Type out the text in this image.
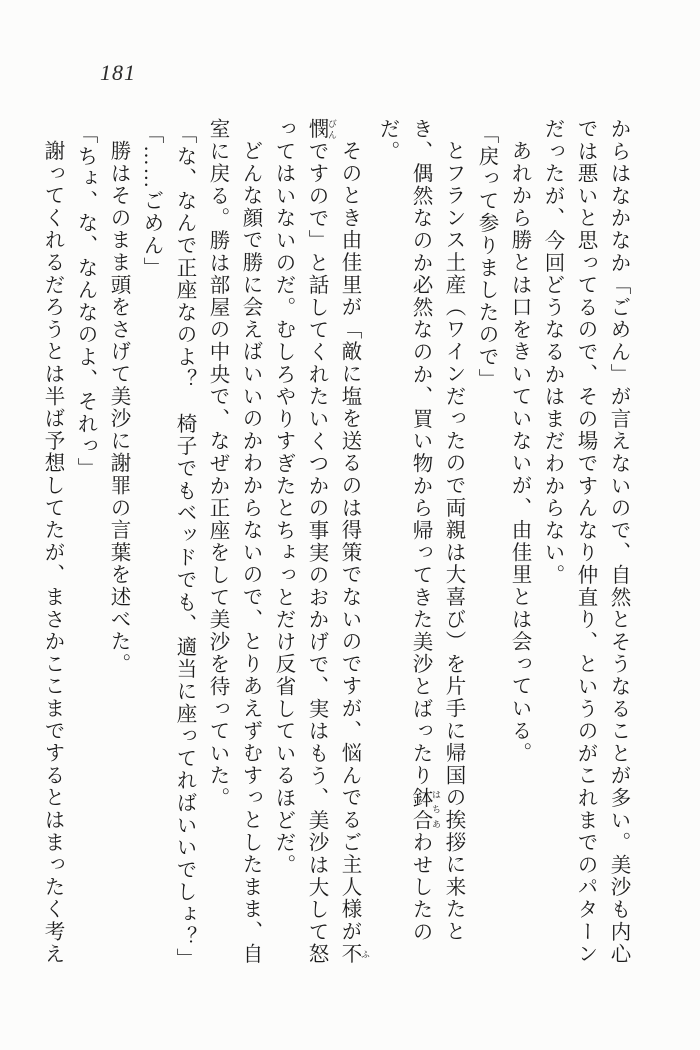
181

からはなかなか「ごめん」が言えないので、自然とそうなることが多い。美沙も内心では悪いと思ってるので、その場ですんなり仲直り、というのがこれまでのパターンだったが、今回どうなるかはまだわからない。

あれから勝とは口をきいていないが、由佳里とは会っている。

「戻って参りましたので」

とフランス土産（ワインだったので両親は大喜び）を片手に帰国の挨拶に来たとき、偶然なのか必然なのか、買い物から帰ってきた美沙とばったり鉢合 はちあわせしたのだ。

そのとき由佳里が「敵に塩を送るのは得策でないのですが、悩んでるご主人様が不 ふ憫 びんですので」と話してくれたいくつかの事実のおかげで、実はもう、美沙は大して怒ってはいないのだ。むしろやりすぎたとちょっとだけ反省しているほどだ。

どんな顔で勝に会えばいいのかわからないので、とりあえずむすっとしたまま、自室に戻る。勝は部屋の中央で、なぜか正座をして美沙を待っていた。

「な、なんで正座なのよ？　椅子でもベッドでも、適当に座ってればいいでしょ？」

「……ごめん」

勝はそのまま頭をさげて美沙に謝罪の言葉を述べた。

「ちょ、な、なんなのよ、それっ」

謝ってくれるだろうとは半ば予想してたが、まさかここまでするとはまったく考え
